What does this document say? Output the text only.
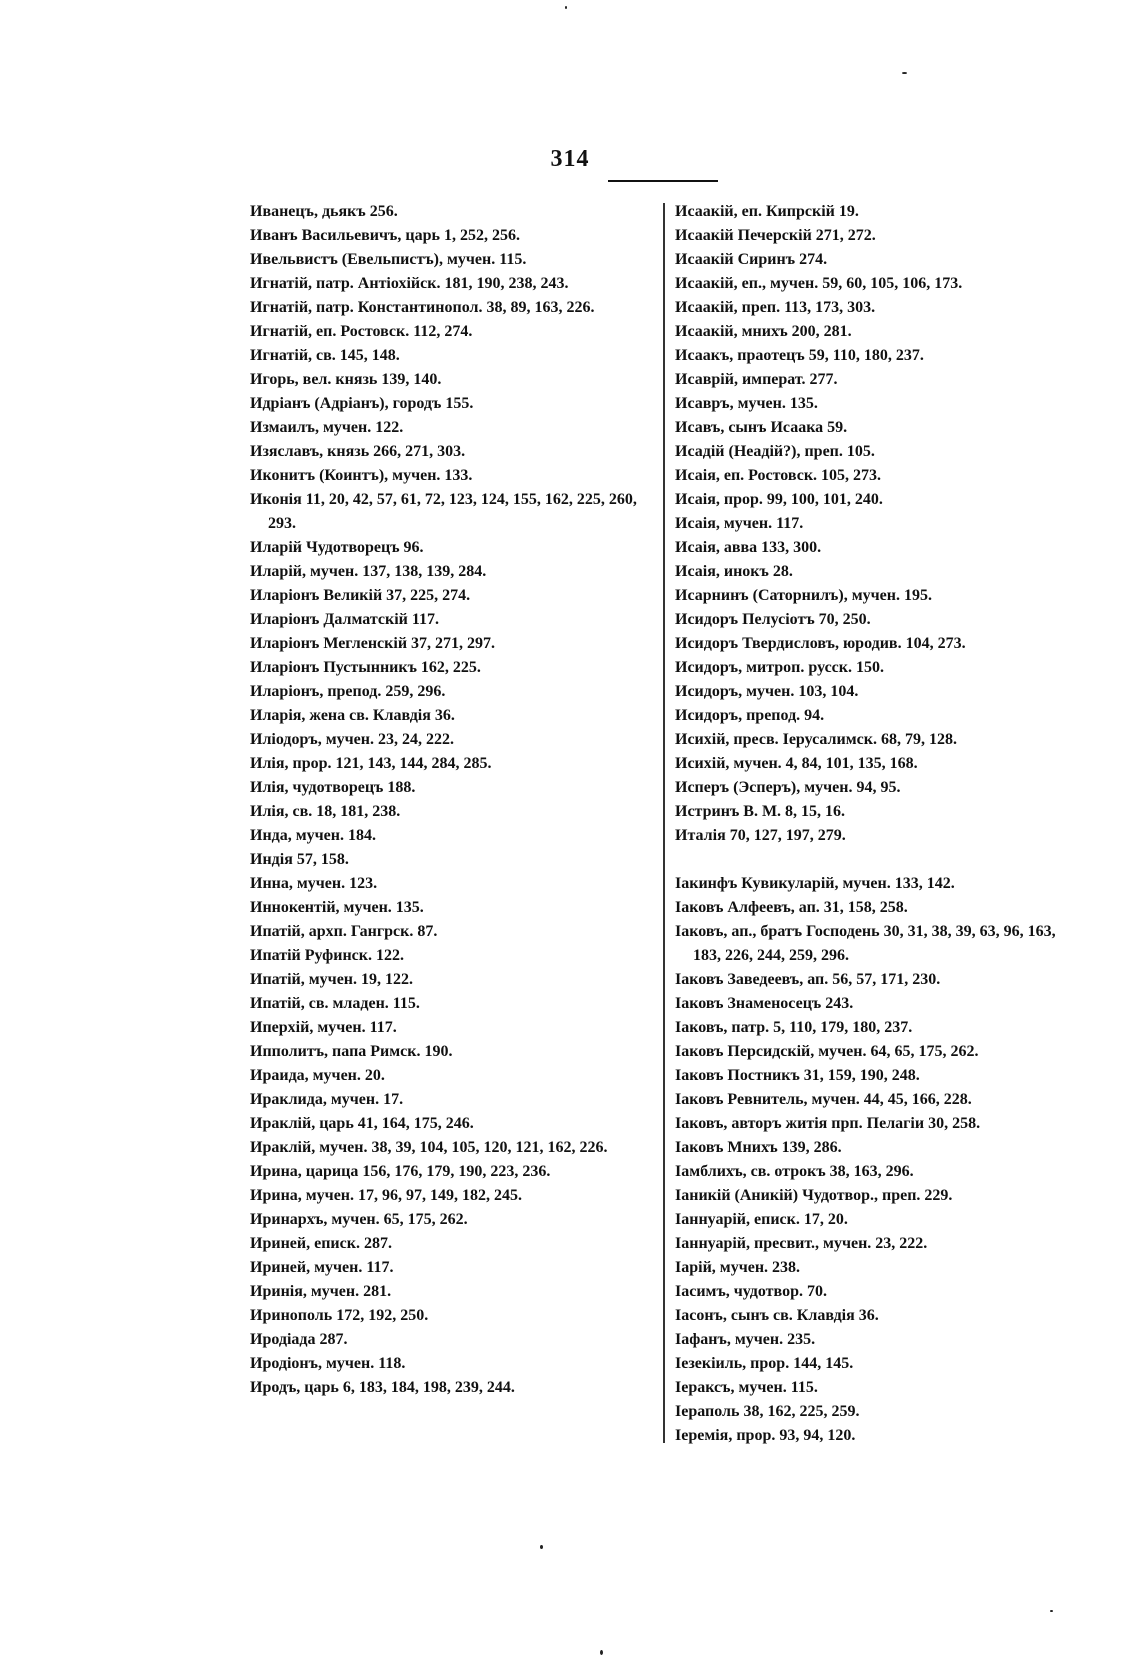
314

Иванецъ, дьякъ 256.

Иванъ Васильевичъ, царь 1, 252, 256.

Ивельвистъ (Евельпистъ), мучен. 115.

Игнатій, патр. Антіохійск. 181, 190, 238, 243.

Игнатій, патр. Константинопол. 38, 89, 163, 226.

Игнатій, еп. Ростовск. 112, 274.

Игнатій, св. 145, 148.

Игорь, вел. князь 139, 140.

Идріанъ (Адріанъ), городъ 155.

Измаилъ, мучен. 122.

Изяславъ, князь 266, 271, 303.

Иконитъ (Коинтъ), мучен. 133.

Иконія 11, 20, 42, 57, 61, 72, 123, 124, 155, 162, 225, 260, 293.

Иларій Чудотворецъ 96.

Иларій, мучен. 137, 138, 139, 284.

Иларіонъ Великій 37, 225, 274.

Иларіонъ Далматскій 117.

Иларіонъ Мегленскій 37, 271, 297.

Иларіонъ Пустынникъ 162, 225.

Иларіонъ, препод. 259, 296.

Иларія, жена св. Клавдія 36.

Иліодоръ, мучен. 23, 24, 222.

Илія, прор. 121, 143, 144, 284, 285.

Илія, чудотворецъ 188.

Илія, св. 18, 181, 238.

Инда, мучен. 184.

Индія 57, 158.

Инна, мучен. 123.

Иннокентій, мучен. 135.

Ипатій, архп. Гангрск. 87.

Ипатій Руфинск. 122.

Ипатій, мучен. 19, 122.

Ипатій, св. младен. 115.

Иперхій, мучен. 117.

Ипполитъ, папа Римск. 190.

Ираида, мучен. 20.

Ираклида, мучен. 17.

Ираклій, царь 41, 164, 175, 246.

Ираклій, мучен. 38, 39, 104, 105, 120, 121, 162, 226.

Ирина, царица 156, 176, 179, 190, 223, 236.

Ирина, мучен. 17, 96, 97, 149, 182, 245.

Иринархъ, мучен. 65, 175, 262.

Ириней, еписк. 287.

Ириней, мучен. 117.

Иринія, мучен. 281.

Иринополь 172, 192, 250.

Иродіада 287.

Иродіонъ, мучен. 118.

Иродъ, царь 6, 183, 184, 198, 239, 244.

Исаакій, еп. Кипрскій 19.

Исаакій Печерскій 271, 272.

Исаакій Сиринъ 274.

Исаакій, еп., мучен. 59, 60, 105, 106, 173.

Исаакій, преп. 113, 173, 303.

Исаакій, мнихъ 200, 281.

Исаакъ, праотецъ 59, 110, 180, 237.

Исаврій, императ. 277.

Исавръ, мучен. 135.

Исавъ, сынъ Исаака 59.

Исадій (Неадій?), преп. 105.

Исаія, еп. Ростовск. 105, 273.

Исаія, прор. 99, 100, 101, 240.

Исаія, мучен. 117.

Исаія, авва 133, 300.

Исаія, инокъ 28.

Исарнинъ (Саторнилъ), мучен. 195.

Исидоръ Пелусіотъ 70, 250.

Исидоръ Твердисловъ, юродив. 104, 273.

Исидоръ, митроп. русск. 150.

Исидоръ, мучен. 103, 104.

Исидоръ, препод. 94.

Исихій, пресв. Іерусалимск. 68, 79, 128.

Исихій, мучен. 4, 84, 101, 135, 168.

Исперъ (Эсперъ), мучен. 94, 95.

Истринъ В. М. 8, 15, 16.

Италія 70, 127, 197, 279.

Іакинфъ Кувикуларій, мучен. 133, 142.

Іаковъ Алфеевъ, ап. 31, 158, 258.

Іаковъ, ап., братъ Господень 30, 31, 38, 39, 63, 96, 163, 183, 226, 244, 259, 296.

Іаковъ Заведеевъ, ап. 56, 57, 171, 230.

Іаковъ Знаменосецъ 243.

Іаковъ, патр. 5, 110, 179, 180, 237.

Іаковъ Персидскій, мучен. 64, 65, 175, 262.

Іаковъ Постникъ 31, 159, 190, 248.

Іаковъ Ревнитель, мучен. 44, 45, 166, 228.

Іаковъ, авторъ житія прп. Пелагіи 30, 258.

Іаковъ Мнихъ 139, 286.

Іамблихъ, св. отрокъ 38, 163, 296.

Іаникій (Аникій) Чудотвор., преп. 229.

Іаннуарій, еписк. 17, 20.

Іаннуарій, пресвит., мучен. 23, 222.

Іарій, мучен. 238.

Іасимъ, чудотвор. 70.

Іасонъ, сынъ св. Клавдія 36.

Іафанъ, мучен. 235.

Іезекіиль, прор. 144, 145.

Іераксъ, мучен. 115.

Іераполь 38, 162, 225, 259.

Іеремія, прор. 93, 94, 120.
